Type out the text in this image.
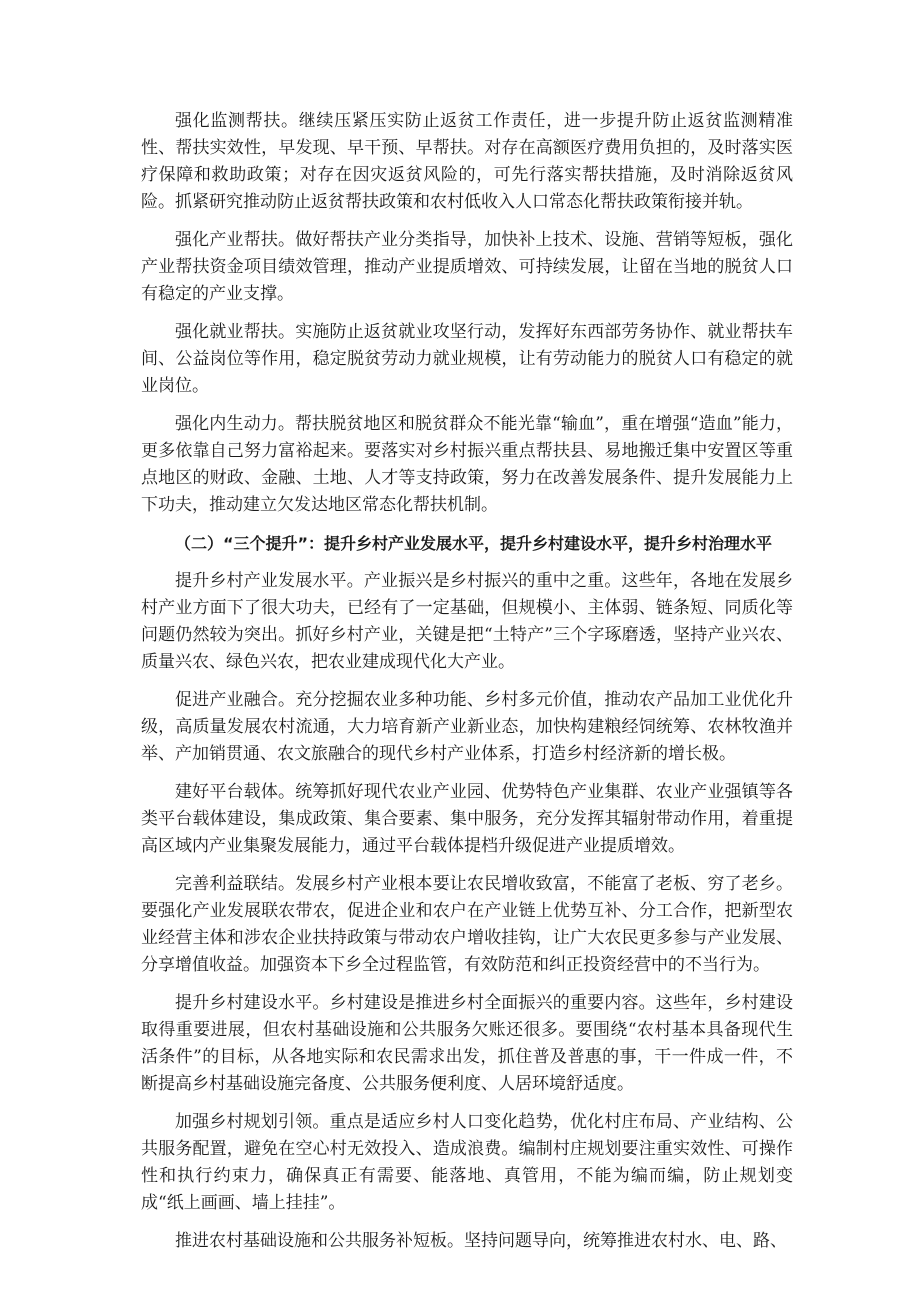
强化监测帮扶。继续压紧压实防止返贫工作责任，进一步提升防止返贫监测精准性、帮扶实效性，早发现、早干预、早帮扶。对存在高额医疗费用负担的，及时落实医疗保障和救助政策；对存在因灾返贫风险的，可先行落实帮扶措施，及时消除返贫风险。抓紧研究推动防止返贫帮扶政策和农村低收入人口常态化帮扶政策衔接并轨。

强化产业帮扶。做好帮扶产业分类指导，加快补上技术、设施、营销等短板，强化产业帮扶资金项目绩效管理，推动产业提质增效、可持续发展，让留在当地的脱贫人口有稳定的产业支撑。

强化就业帮扶。实施防止返贫就业攻坚行动，发挥好东西部劳务协作、就业帮扶车间、公益岗位等作用，稳定脱贫劳动力就业规模，让有劳动能力的脱贫人口有稳定的就业岗位。

强化内生动力。帮扶脱贫地区和脱贫群众不能光靠“输血”，重在增强“造血”能力，更多依靠自己努力富裕起来。要落实对乡村振兴重点帮扶县、易地搬迁集中安置区等重点地区的财政、金融、土地、人才等支持政策，努力在改善发展条件、提升发展能力上下功夫，推动建立欠发达地区常态化帮扶机制。

（二）“三个提升”：提升乡村产业发展水平，提升乡村建设水平，提升乡村治理水平

提升乡村产业发展水平。产业振兴是乡村振兴的重中之重。这些年，各地在发展乡村产业方面下了很大功夫，已经有了一定基础，但规模小、主体弱、链条短、同质化等问题仍然较为突出。抓好乡村产业，关键是把“土特产”三个字琢磨透，坚持产业兴农、质量兴农、绿色兴农，把农业建成现代化大产业。

促进产业融合。充分挖掘农业多种功能、乡村多元价值，推动农产品加工业优化升级，高质量发展农村流通，大力培育新产业新业态，加快构建粮经饲统筹、农林牧渔并举、产加销贯通、农文旅融合的现代乡村产业体系，打造乡村经济新的增长极。

建好平台载体。统筹抓好现代农业产业园、优势特色产业集群、农业产业强镇等各类平台载体建设，集成政策、集合要素、集中服务，充分发挥其辐射带动作用，着重提高区域内产业集聚发展能力，通过平台载体提档升级促进产业提质增效。

完善利益联结。发展乡村产业根本要让农民增收致富，不能富了老板、穷了老乡。要强化产业发展联农带农，促进企业和农户在产业链上优势互补、分工合作，把新型农业经营主体和涉农企业扶持政策与带动农户增收挂钩，让广大农民更多参与产业发展、分享增值收益。加强资本下乡全过程监管，有效防范和纠正投资经营中的不当行为。

提升乡村建设水平。乡村建设是推进乡村全面振兴的重要内容。这些年，乡村建设取得重要进展，但农村基础设施和公共服务欠账还很多。要围绕“农村基本具备现代生活条件”的目标，从各地实际和农民需求出发，抓住普及普惠的事，干一件成一件，不断提高乡村基础设施完备度、公共服务便利度、人居环境舒适度。

加强乡村规划引领。重点是适应乡村人口变化趋势，优化村庄布局、产业结构、公共服务配置，避免在空心村无效投入、造成浪费。编制村庄规划要注重实效性、可操作性和执行约束力，确保真正有需要、能落地、真管用，不能为编而编，防止规划变成“纸上画画、墙上挂挂”。

推进农村基础设施和公共服务补短板。坚持问题导向，统筹推进农村水、电、路、
